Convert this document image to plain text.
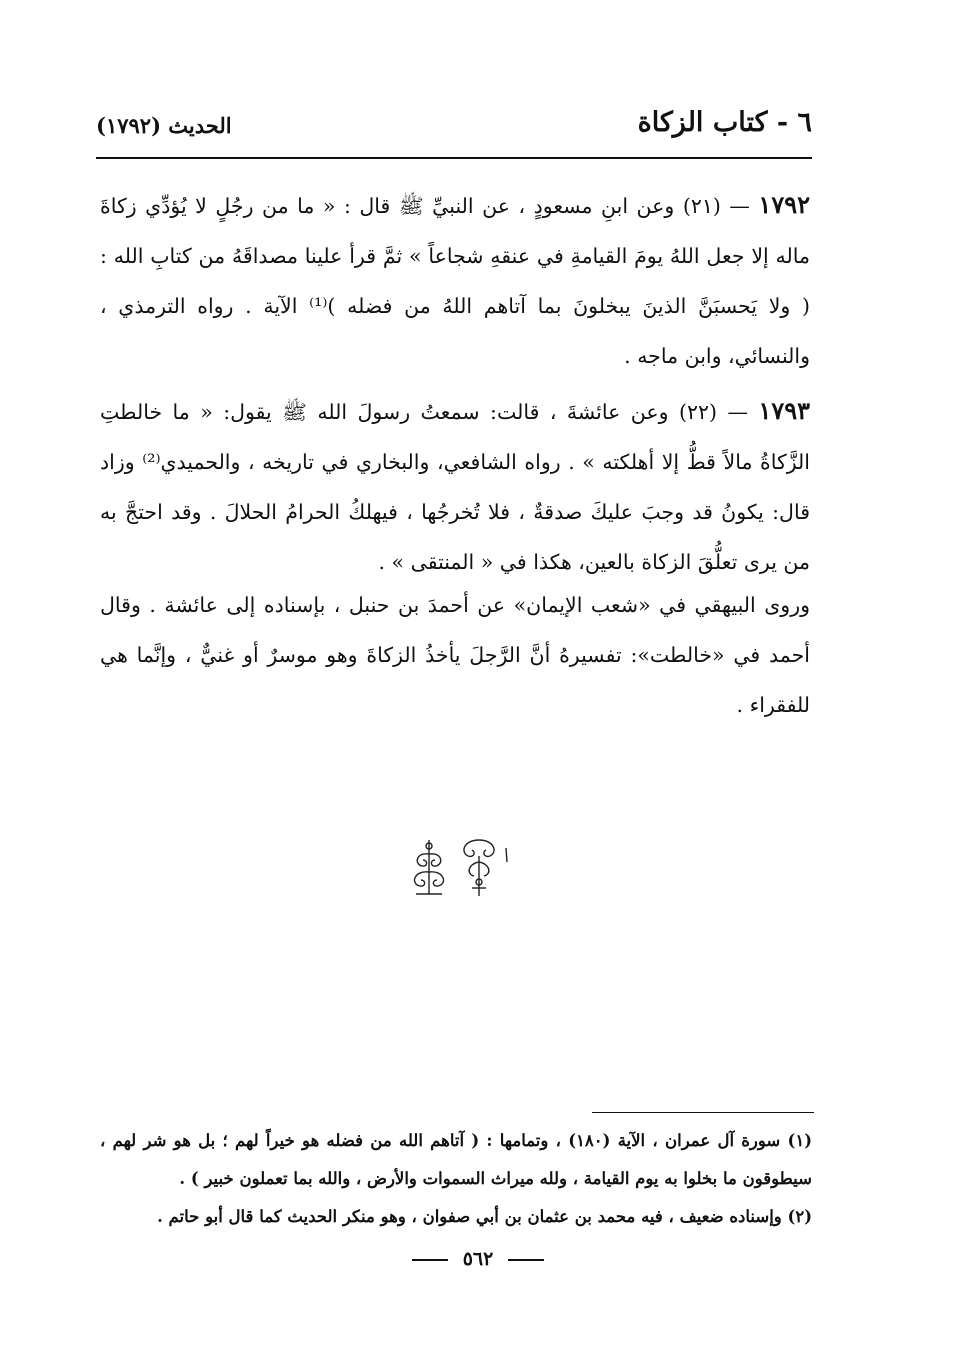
٦ - كتاب الزكاة
الحديث (١٧٩٢)

١٧٩٢ — (٢١) وعن ابنِ مسعودٍ ، عن النبيِّ ﷺ قال : « ما من رجُلٍ لا يُؤدِّي زكاةَ ماله إلا جعل اللهُ يومَ القيامةِ في عنقهِ شجاعاً » ثمَّ قرأ علينا مصداقَهُ من كتابِ الله : ( ولا يَحسبَنَّ الذينَ يبخلونَ بما آتاهم اللهُ من فضله )⁽¹⁾ الآية . رواه الترمذي ، والنسائي، وابن ماجه .

١٧٩٣ — (٢٢) وعن عائشةَ ، قالت: سمعتُ رسولَ الله ﷺ يقول: « ما خالطتِ الزَّكاةُ مالاً قطُّ إلا أهلكته » . رواه الشافعي، والبخاري في تاريخه ، والحميدي⁽²⁾ وزاد قال: يكونُ قد وجبَ عليكَ صدقةٌ ، فلا تُخرجُها ، فيهلكُ الحرامُ الحلالَ . وقد احتجَّ به من يرى تعلُّقَ الزكاة بالعين، هكذا في « المنتقى » .

وروى البيهقي في «شعب الإيمان» عن أحمدَ بن حنبل ، بإسناده إلى عائشة . وقال أحمد في «خالطت»: تفسيرهُ أنَّ الرَّجلَ يأخذُ الزكاةَ وهو موسرٌ أو غنيٌّ ، وإنَّما هي للفقراء .

(١) سورة آل عمران ، الآية (١٨٠) ، وتمامها : ( آتاهم الله من فضله هو خيراً لهم ؛ بل هو شر لهم ، سيطوقون ما بخلوا به يوم القيامة ، ولله ميراث السموات والأرض ، والله بما تعملون خبير ) .

(٢) وإسناده ضعيف ، فيه محمد بن عثمان بن أبي صفوان ، وهو منكر الحديث كما قال أبو حاتم .

٥٦٢
